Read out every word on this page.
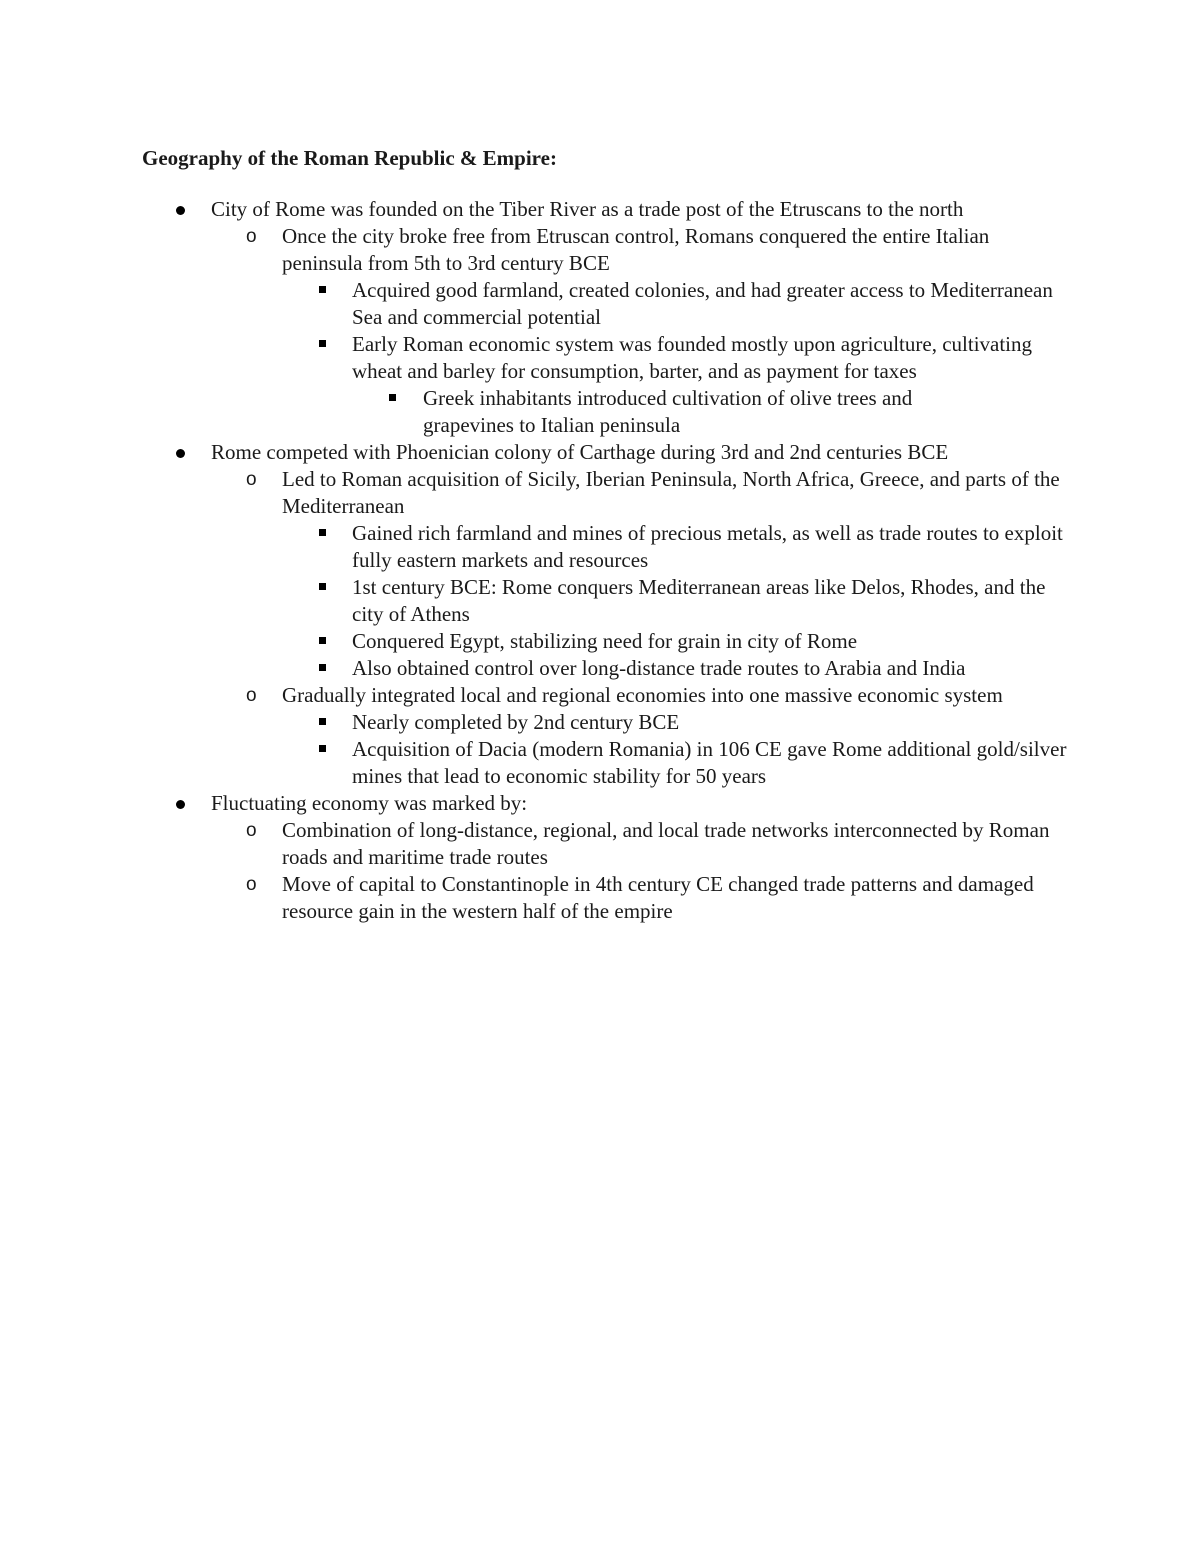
Geography of the Roman Republic & Empire:
City of Rome was founded on the Tiber River as a trade post of the Etruscans to the north
o Once the city broke free from Etruscan control, Romans conquered the entire Italian peninsula from 5th to 3rd century BCE
Acquired good farmland, created colonies, and had greater access to Mediterranean Sea and commercial potential
Early Roman economic system was founded mostly upon agriculture, cultivating wheat and barley for consumption, barter, and as payment for taxes
Greek inhabitants introduced cultivation of olive trees and grapevines to Italian peninsula
Rome competed with Phoenician colony of Carthage during 3rd and 2nd centuries BCE
o Led to Roman acquisition of Sicily, Iberian Peninsula, North Africa, Greece, and parts of the Mediterranean
Gained rich farmland and mines of precious metals, as well as trade routes to exploit fully eastern markets and resources
1st century BCE: Rome conquers Mediterranean areas like Delos, Rhodes, and the city of Athens
Conquered Egypt, stabilizing need for grain in city of Rome
Also obtained control over long-distance trade routes to Arabia and India
o Gradually integrated local and regional economies into one massive economic system
Nearly completed by 2nd century BCE
Acquisition of Dacia (modern Romania) in 106 CE gave Rome additional gold/silver mines that lead to economic stability for 50 years
Fluctuating economy was marked by:
o Combination of long-distance, regional, and local trade networks interconnected by Roman roads and maritime trade routes
o Move of capital to Constantinople in 4th century CE changed trade patterns and damaged resource gain in the western half of the empire
